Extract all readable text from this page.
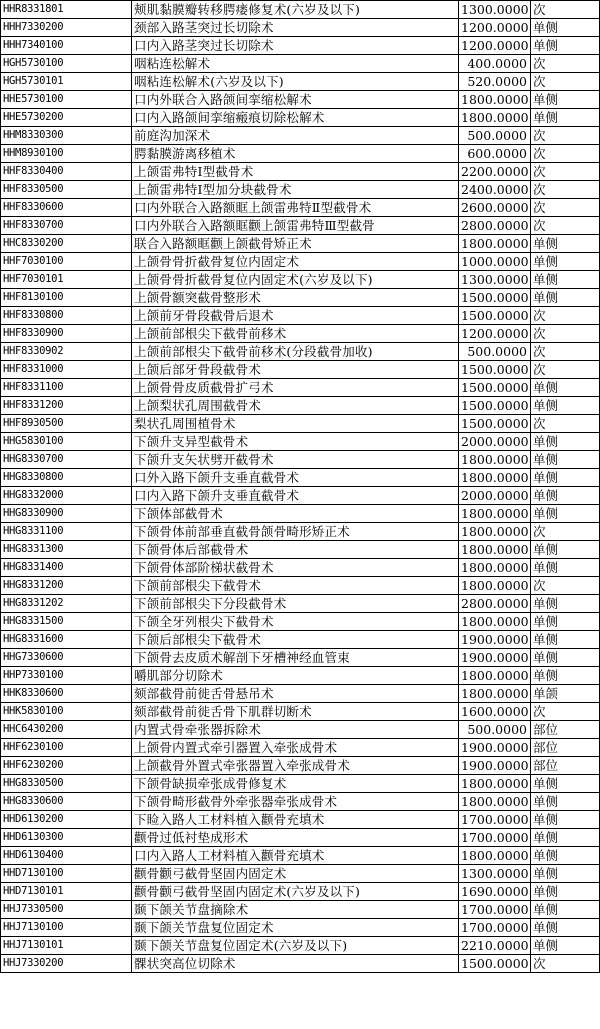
HHR8331801	颊肌黏膜瓣转移腭瘘修复术(六岁及以下)	1300.0000	次
HHH7330200	颈部入路茎突过长切除术	1200.0000	单侧
HHH7340100	口内入路茎突过长切除术	1200.0000	单侧
HGH5730100	咽粘连松解术	400.0000	次
HGH5730101	咽粘连松解术(六岁及以下)	520.0000	次
HHE5730100	口内外联合入路颌间挛缩松解术	1800.0000	单侧
HHE5730200	口内入路颌间挛缩瘢痕切除松解术	1800.0000	单侧
HHM8330300	前庭沟加深术	500.0000	次
HHM8930100	腭黏膜游离移植术	600.0000	次
HHF8330400	上颌雷弗特Ⅰ型截骨术	2200.0000	次
HHF8330500	上颌雷弗特Ⅰ型加分块截骨术	2400.0000	次
HHF8330600	口内外联合入路额眶上颌雷弗特Ⅱ型截骨术	2600.0000	次
HHF8330700	口内外联合入路额眶颧上颌雷弗特Ⅲ型截骨	2800.0000	次
HHC8330200	联合入路额眶颧上颌截骨矫正术	1800.0000	单侧
HHF7030100	上颌骨骨折截骨复位内固定术	1000.0000	单侧
HHF7030101	上颌骨骨折截骨复位内固定术(六岁及以下)	1300.0000	单侧
HHF8130100	上颌骨额突截骨整形术	1500.0000	单侧
HHF8330800	上颌前牙骨段截骨后退术	1500.0000	次
HHF8330900	上颌前部根尖下截骨前移术	1200.0000	次
HHF8330902	上颌前部根尖下截骨前移术(分段截骨加收)	500.0000	次
HHF8331000	上颌后部牙骨段截骨术	1500.0000	次
HHF8331100	上颌骨骨皮质截骨扩弓术	1500.0000	单侧
HHF8331200	上颌梨状孔周围截骨术	1500.0000	单侧
HHF8930500	梨状孔周围植骨术	1500.0000	次
HHG5830100	下颌升支异型截骨术	2000.0000	单侧
HHG8330700	下颌升支矢状劈开截骨术	1800.0000	单侧
HHG8330800	口外入路下颌升支垂直截骨术	1800.0000	单侧
HHG8332000	口内入路下颌升支垂直截骨术	2000.0000	单侧
HHG8330900	下颌体部截骨术	1800.0000	单侧
HHG8331100	下颌骨体前部垂直截骨颌骨畸形矫正术	1800.0000	次
HHG8331300	下颌骨体后部截骨术	1800.0000	单侧
HHG8331400	下颌骨体部阶梯状截骨术	1800.0000	单侧
HHG8331200	下颌前部根尖下截骨术	1800.0000	次
HHG8331202	下颌前部根尖下分段截骨术	2800.0000	单侧
HHG8331500	下颌全牙列根尖下截骨术	1800.0000	单侧
HHG8331600	下颌后部根尖下截骨术	1900.0000	单侧
HHG7330600	下颌骨去皮质术解剖下牙槽神经血管束	1900.0000	单侧
HHP7330100	嚼肌部分切除术	1800.0000	单侧
HHK8330600	颏部截骨前徙舌骨悬吊术	1800.0000	单颌
HHK5830100	颏部截骨前徙舌骨下肌群切断术	1600.0000	次
HHC6430200	内置式骨牵张器拆除术	500.0000	部位
HHF6230100	上颌骨内置式牵引器置入牵张成骨术	1900.0000	部位
HHF6230200	上颌截骨外置式牵张器置入牵张成骨术	1900.0000	部位
HHG8330500	下颌骨缺损牵张成骨修复术	1800.0000	单侧
HHG8330600	下颌骨畸形截骨外牵张器牵张成骨术	1800.0000	单侧
HHD6130200	下睑入路人工材料植入颧骨充填术	1700.0000	单侧
HHD6130300	颧骨过低衬垫成形术	1700.0000	单侧
HHD6130400	口内入路人工材料植入颧骨充填术	1800.0000	单侧
HHD7130100	颧骨颧弓截骨坚固内固定术	1300.0000	单侧
HHD7130101	颧骨颧弓截骨坚固内固定术(六岁及以下)	1690.0000	单侧
HHJ7330500	颞下颌关节盘摘除术	1700.0000	单侧
HHJ7130100	颞下颌关节盘复位固定术	1700.0000	单侧
HHJ7130101	颞下颌关节盘复位固定术(六岁及以下)	2210.0000	单侧
HHJ7330200	髁状突高位切除术	1500.0000	次
